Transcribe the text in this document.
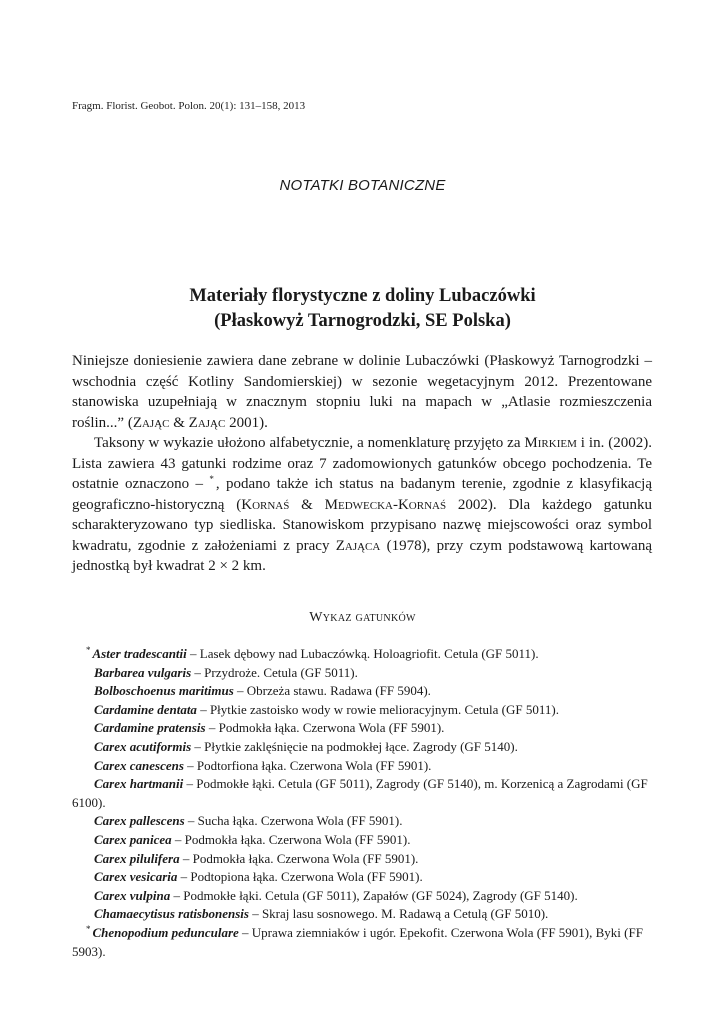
Fragm. Florist. Geobot. Polon. 20(1): 131–158, 2013
NOTATKI BOTANICZNE
Materiały florystyczne z doliny Lubaczówki
(Płaskowyż Tarnogrodzki, SE Polska)

Niniejsze doniesienie zawiera dane zebrane w dolinie Lubaczówki (Płaskowyż Tarnogrodzki – wschodnia część Kotliny Sandomierskiej) w sezonie wegetacyjnym 2012. Prezentowane stanowiska uzupełniają w znacznym stopniu luki na mapach w „Atlasie rozmieszczenia roślin...” (Zając & Zając 2001).

Taksony w wykazie ułożono alfabetycznie, a nomenklaturę przyjęto za Mirkiem i in. (2002). Lista zawiera 43 gatunki rodzime oraz 7 zadomowionych gatunków obcego pochodzenia. Te ostatnie oznaczono – * , podano także ich status na badanym terenie, zgodnie z klasyfikacją geograficzno-historyczną (Kornaś & Medwecka-Kornaś 2002). Dla każdego gatunku scharakteryzowano typ siedliska. Stanowiskom przypisano nazwę miejscowości oraz symbol kwadratu, zgodnie z założeniami z pracy Zająca (1978), przy czym podstawową kartowaną jednostką był kwadrat 2 × 2 km.

Wykaz gatunków

* Aster tradescantii – Lasek dębowy nad Lubaczówką. Holoagriofit. Cetula (GF 5011).

Barbarea vulgaris – Przydroże. Cetula (GF 5011).

Bolboschoenus maritimus – Obrzeża stawu. Radawa (FF 5904).

Cardamine dentata – Płytkie zastoisko wody w rowie melioracyjnym. Cetula (GF 5011).

Cardamine pratensis – Podmokła łąka. Czerwona Wola (FF 5901).

Carex acutiformis – Płytkie zaklęśnięcie na podmokłej łące. Zagrody (GF 5140).

Carex canescens – Podtorfiona łąka. Czerwona Wola (FF 5901).

Carex hartmanii – Podmokłe łąki. Cetula (GF 5011), Zagrody (GF 5140), m. Korzenicą a Zagrodami (GF 6100).

Carex pallescens – Sucha łąka. Czerwona Wola (FF 5901).

Carex panicea – Podmokła łąka. Czerwona Wola (FF 5901).

Carex pilulifera – Podmokła łąka. Czerwona Wola (FF 5901).

Carex vesicaria – Podtopiona łąka. Czerwona Wola (FF 5901).

Carex vulpina – Podmokłe łąki. Cetula (GF 5011), Zapałów (GF 5024), Zagrody (GF 5140).

Chamaecytisus ratisbonensis – Skraj lasu sosnowego. M. Radawą a Cetulą (GF 5010).

* Chenopodium pedunculare – Uprawa ziemniaków i ugór. Epekofit. Czerwona Wola (FF 5901), Byki (FF 5903).
